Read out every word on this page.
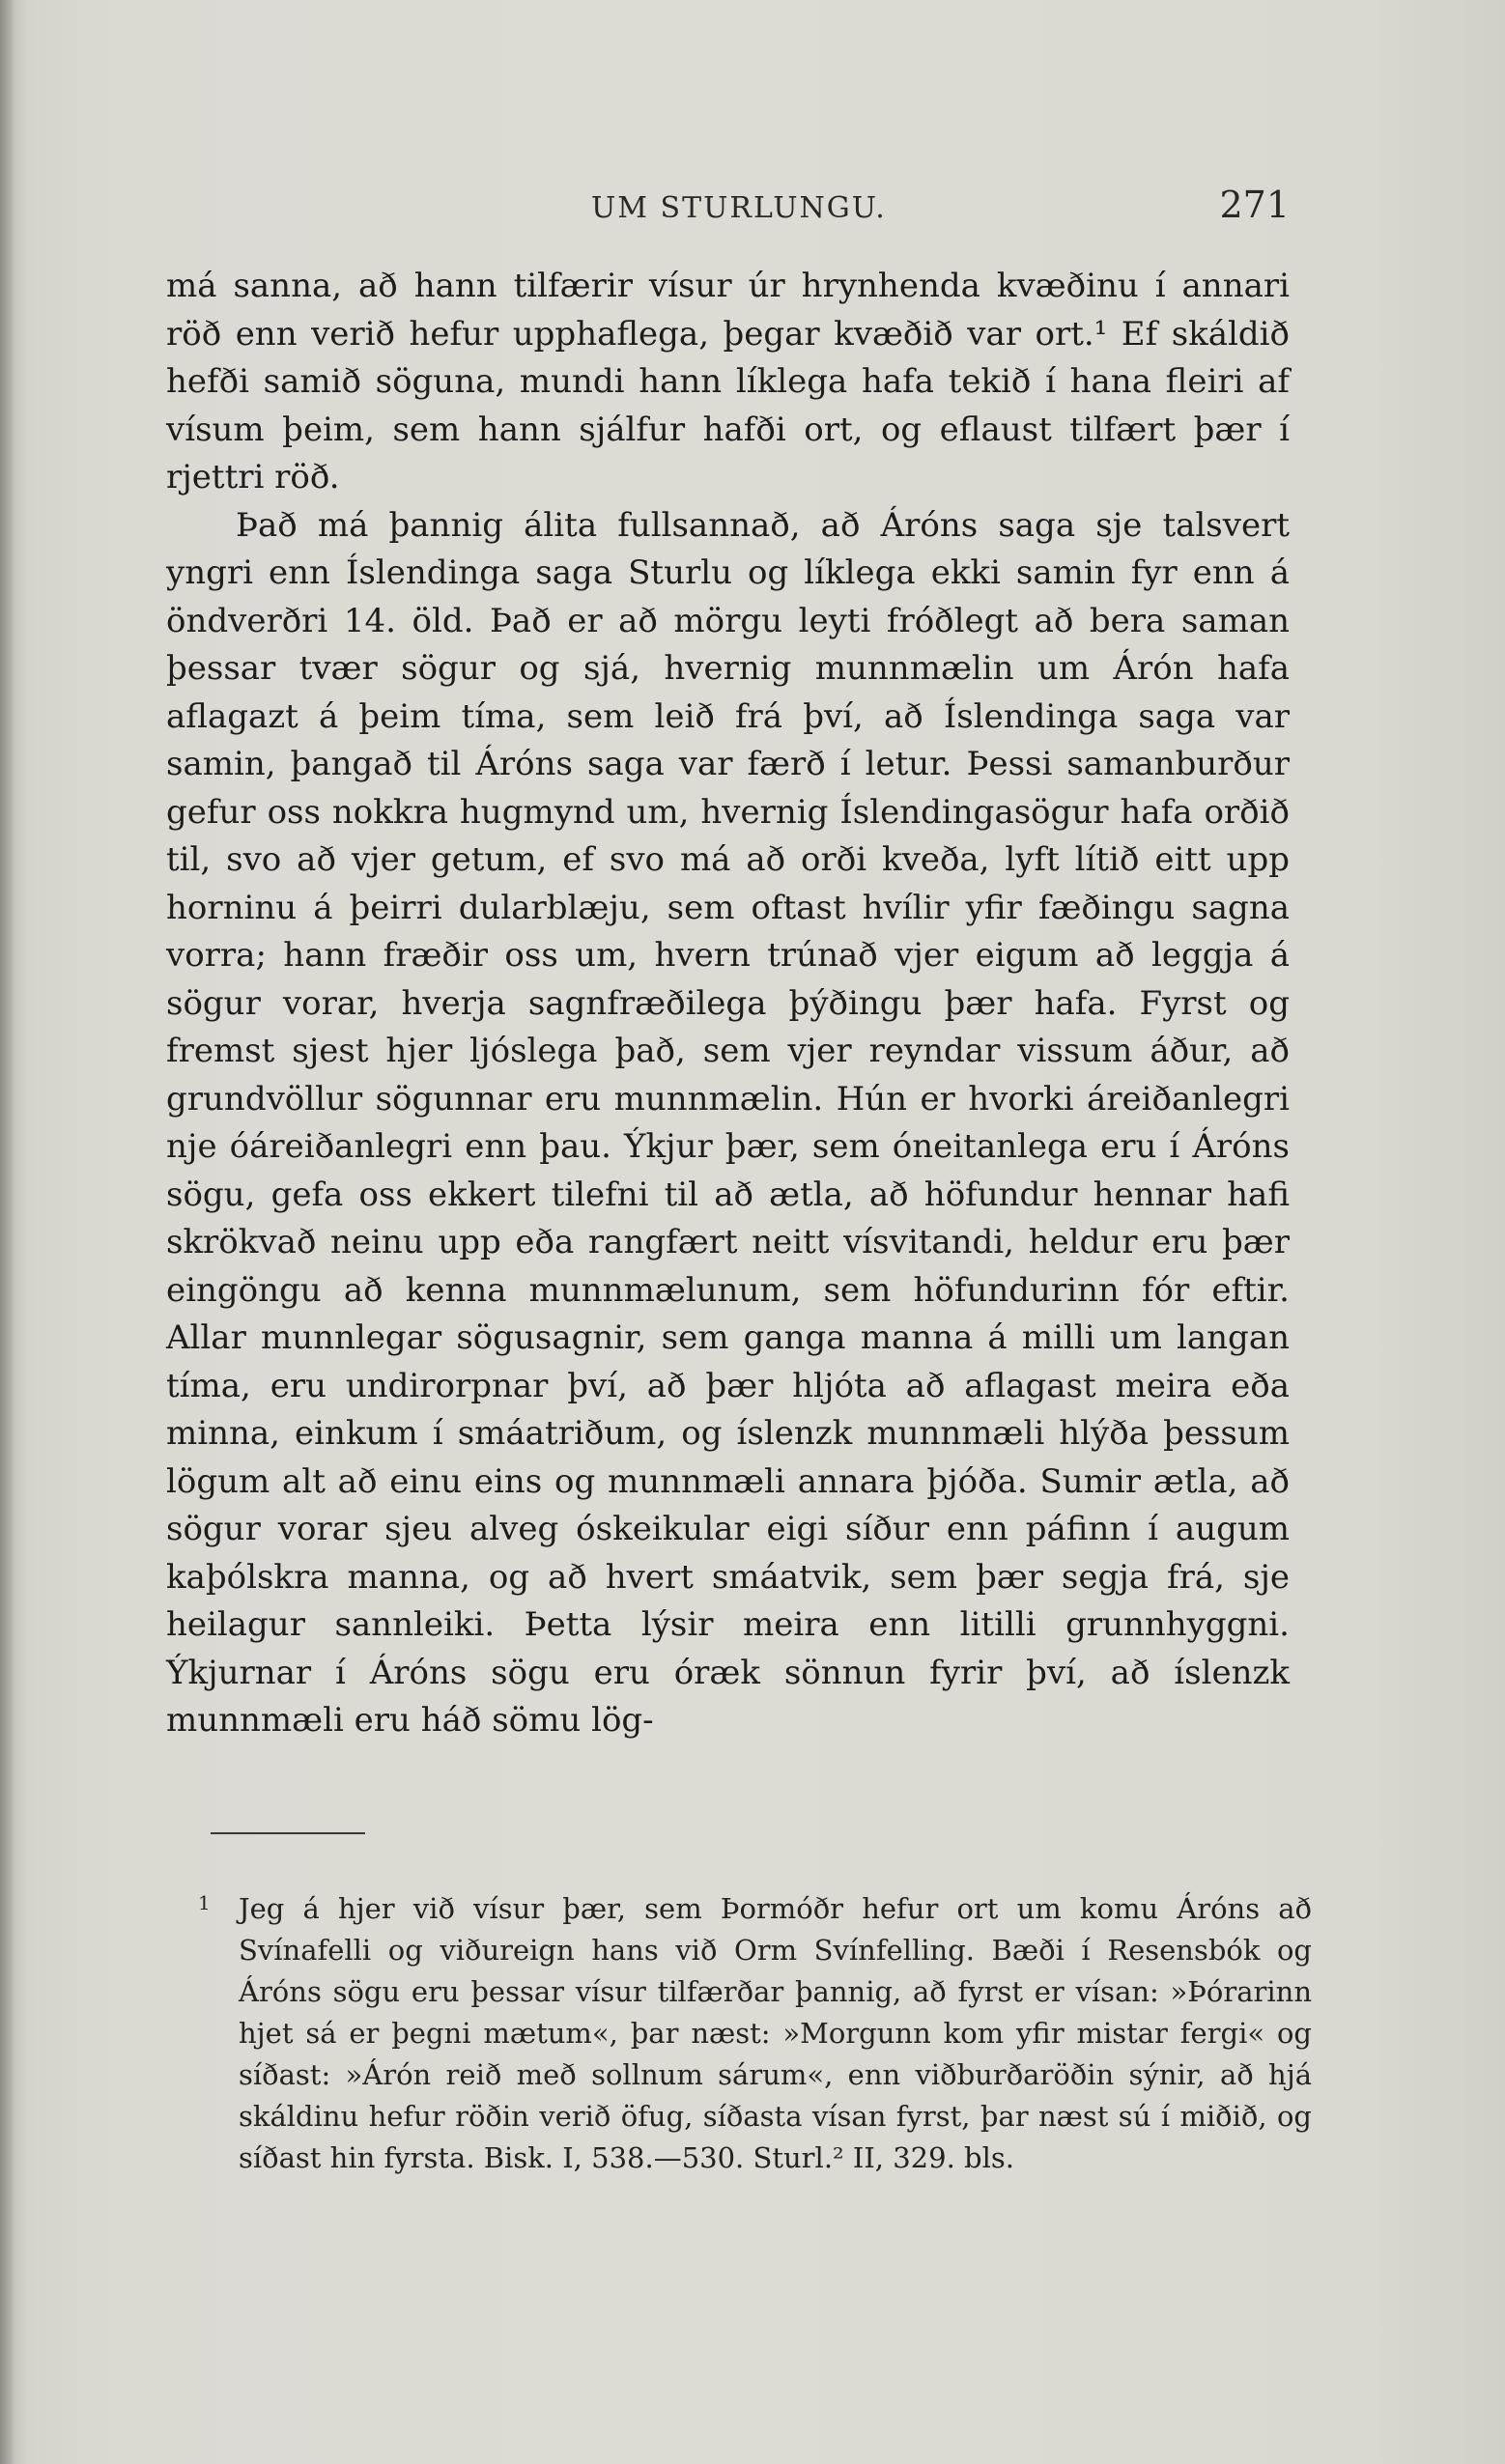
UM STURLUNGU.	271

má sanna, að hann tilfærir vísur úr hrynhenda kvæðinu í annari röð enn verið hefur upphaflega, þegar kvæðið var ort.¹ Ef skáldið hefði samið söguna, mundi hann líklega hafa tekið í hana fleiri af vísum þeim, sem hann sjálfur hafði ort, og eflaust tilfært þær í rjettri röð.

Það má þannig álita fullsannað, að Áróns saga sje talsvert yngri enn Íslendinga saga Sturlu og líklega ekki samin fyr enn á öndverðri 14. öld. Það er að mörgu leyti fróðlegt að bera saman þessar tvær sögur og sjá, hvernig munnmælin um Árón hafa aflagazt á þeim tíma, sem leið frá því, að Íslendinga saga var samin, þangað til Áróns saga var færð í letur. Þessi samanburður gefur oss nokkra hugmynd um, hvernig Íslendingasögur hafa orðið til, svo að vjer getum, ef svo má að orði kveða, lyft lítið eitt upp horninu á þeirri dularblæju, sem oftast hvílir yfir fæðingu sagna vorra; hann fræðir oss um, hvern trúnað vjer eigum að leggja á sögur vorar, hverja sagnfræðilega þýðingu þær hafa. Fyrst og fremst sjest hjer ljóslega það, sem vjer reyndar vissum áður, að grundvöllur sögunnar eru munnmælin. Hún er hvorki áreiðanlegri nje óáreiðanlegri enn þau. Ýkjur þær, sem óneitanlega eru í Áróns sögu, gefa oss ekkert tilefni til að ætla, að höfundur hennar hafi skrökvað neinu upp eða rangfært neitt vísvitandi, heldur eru þær eingöngu að kenna munnmælunum, sem höfundurinn fór eftir. Allar munnlegar sögusagnir, sem ganga manna á milli um langan tíma, eru undirorpnar því, að þær hljóta að aflagast meira eða minna, einkum í smáatriðum, og íslenzk munnmæli hlýða þessum lögum alt að einu eins og munnmæli annara þjóða. Sumir ætla, að sögur vorar sjeu alveg óskeikular eigi síður enn páfinn í augum kaþólskra manna, og að hvert smáatvik, sem þær segja frá, sje heilagur sannleiki. Þetta lýsir meira enn litilli grunnhyggni. Ýkjurnar í Áróns sögu eru óræk sönnun fyrir því, að íslenzk munnmæli eru háð sömu lög-

1	Jeg á hjer við vísur þær, sem Þormóðr hefur ort um komu Áróns að Svínafelli og viðureign hans við Orm Svínfelling. Bæði í Resensbók og Áróns sögu eru þessar vísur tilfærðar þannig, að fyrst er vísan: »Þórarinn hjet sá er þegni mætum«, þar næst: »Morgunn kom yfir mistar fergi« og síðast: »Árón reið með sollnum sárum«, enn viðburðaröðin sýnir, að hjá skáldinu hefur röðin verið öfug, síðasta vísan fyrst, þar næst sú í miðið, og síðast hin fyrsta. Bisk. I, 538.—530. Sturl.² II, 329. bls.
